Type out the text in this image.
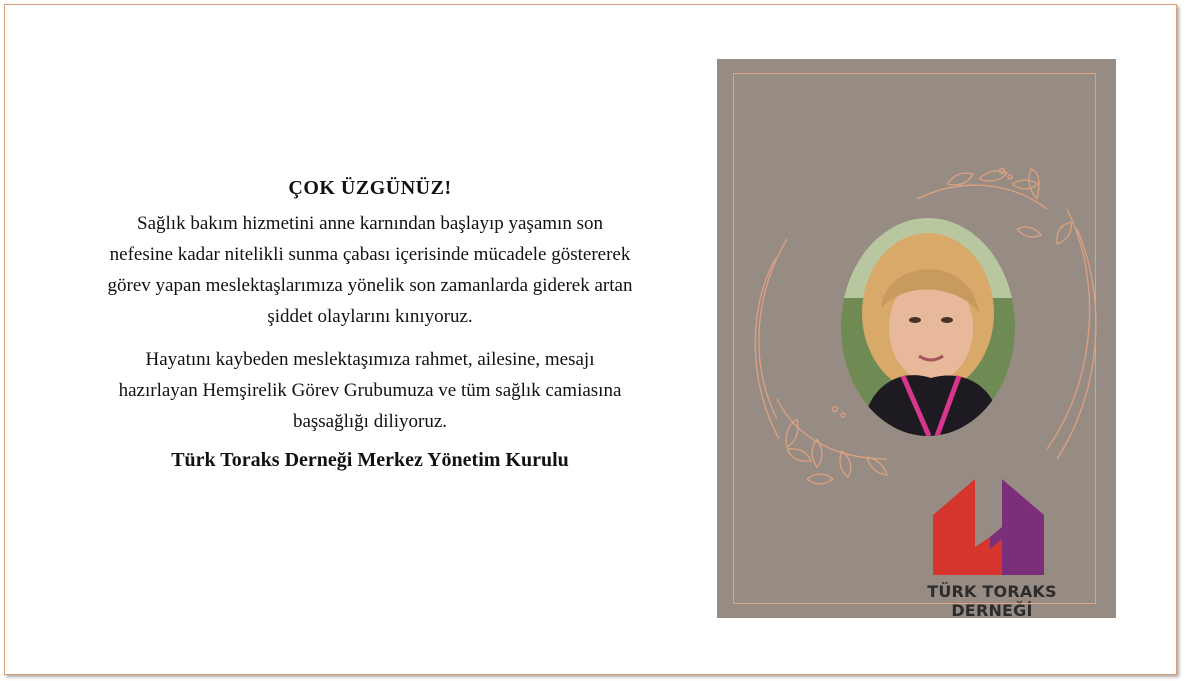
ÇOK ÜZGÜNÜZ!
Sağlık bakım hizmetini anne karnından başlayıp yaşamın son
nefesine kadar nitelikli sunma çabası içerisinde mücadele göstererek
görev yapan meslektaşlarımıza yönelik son zamanlarda giderek artan
şiddet olaylarını kınıyoruz.
Hayatını kaybeden meslektaşımıza rahmet, ailesine, mesajı
hazırlayan Hemşirelik Görev Grubumuza ve tüm sağlık camiasına
başsağlığı diliyoruz.
Türk Toraks Derneği Merkez Yönetim Kurulu
TÜRK TORAKS DERNEĞİ
